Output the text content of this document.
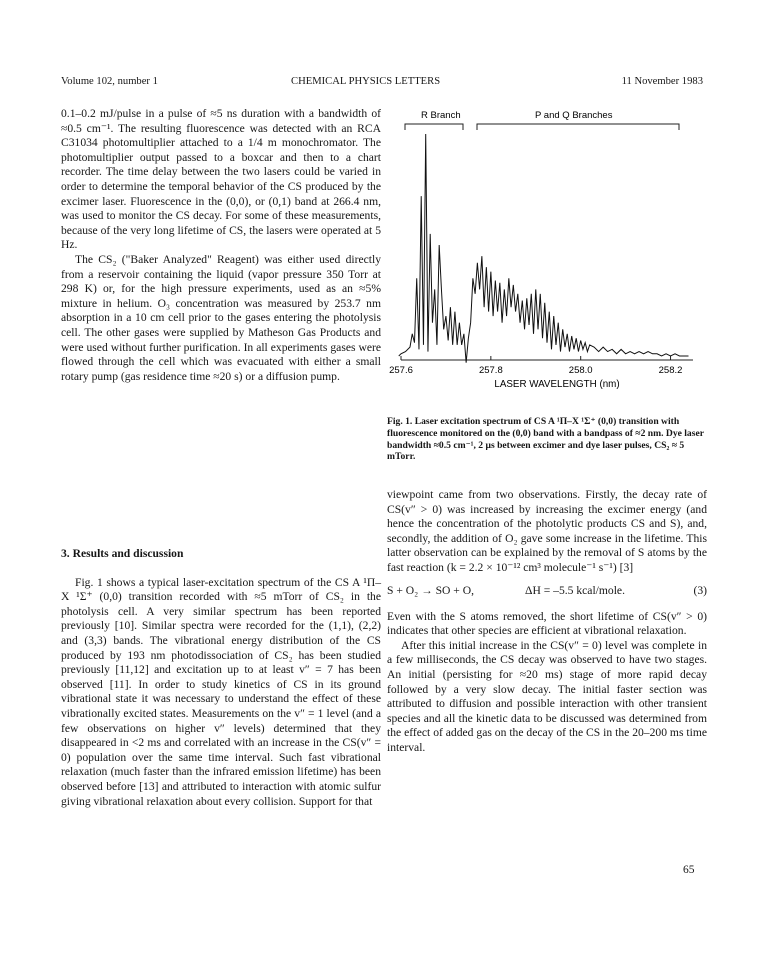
Volume 102, number 1	CHEMICAL PHYSICS LETTERS	11 November 1983

0.1–0.2 mJ/pulse in a pulse of ≈5 ns duration with a bandwidth of ≈0.5 cm⁻¹. The resulting fluorescence was detected with an RCA C31034 photomultiplier attached to a 1/4 m monochromator. The photomultiplier output passed to a boxcar and then to a chart recorder. The time delay between the two lasers could be varied in order to determine the temporal behavior of the CS produced by the excimer laser. Fluorescence in the (0,0), or (0,1) band at 266.4 nm, was used to monitor the CS decay. For some of these measurements, because of the very long lifetime of CS, the lasers were operated at 5 Hz.

The CS₂ ("Baker Analyzed" Reagent) was either used directly from a reservoir containing the liquid (vapor pressure 350 Torr at 298 K) or, for the high pressure experiments, used as an ≈5% mixture in helium. O₃ concentration was measured by 253.7 nm absorption in a 10 cm cell prior to the gases entering the photolysis cell. The other gases were supplied by Matheson Gas Products and were used without further purification. In all experiments gases were flowed through the cell which was evacuated with either a small rotary pump (gas residence time ≈20 s) or a diffusion pump.

3. Results and discussion

Fig. 1 shows a typical laser-excitation spectrum of the CS A ¹Π–X ¹Σ⁺ (0,0) transition recorded with ≈5 mTorr of CS₂ in the photolysis cell. A very similar spectrum has been reported previously [10]. Similar spectra were recorded for the (1,1), (2,2) and (3,3) bands. The vibrational energy distribution of the CS produced by 193 nm photodissociation of CS₂ has been studied previously [11,12] and excitation up to at least v″ = 7 has been observed [11]. In order to study kinetics of CS in its ground vibrational state it was necessary to understand the effect of these vibrationally excited states. Measurements on the v″ = 1 level (and a few observations on higher v″ levels) determined that they disappeared in <2 ms and correlated with an increase in the CS(v″ = 0) population over the same time interval. Such fast vibrational relaxation (much faster than the infrared emission lifetime) has been observed before [13] and attributed to interaction with atomic sulfur giving vibrational relaxation about every collision. Support for that

R Branch	P and Q Branches
257.6	257.8	258.0	258.2
LASER WAVELENGTH (nm)
Fig. 1. Laser excitation spectrum of CS A ¹Π–X ¹Σ⁺ (0,0) transition with fluorescence monitored on the (0,0) band with a bandpass of ≈2 nm. Dye laser bandwidth ≈0.5 cm⁻¹, 2 μs between excimer and dye laser pulses, CS₂ ≈ 5 mTorr.

viewpoint came from two observations. Firstly, the decay rate of CS(v″ > 0) was increased by increasing the excimer energy (and hence the concentration of the photolytic products CS and S), and, secondly, the addition of O₂ gave some increase in the lifetime. This latter observation can be explained by the removal of S atoms by the fast reaction (k = 2.2 × 10⁻¹² cm³ molecule⁻¹ s⁻¹) [3]

S + O₂ → SO + O,	ΔH = –5.5 kcal/mole.	(3)

Even with the S atoms removed, the short lifetime of CS(v″ > 0) indicates that other species are efficient at vibrational relaxation.

After this initial increase in the CS(v″ = 0) level was complete in a few milliseconds, the CS decay was observed to have two stages. An initial (persisting for ≈20 ms) stage of more rapid decay followed by a very slow decay. The initial faster section was attributed to diffusion and possible interaction with other transient species and all the kinetic data to be discussed was determined from the effect of added gas on the decay of the CS in the 20–200 ms time interval.

65
